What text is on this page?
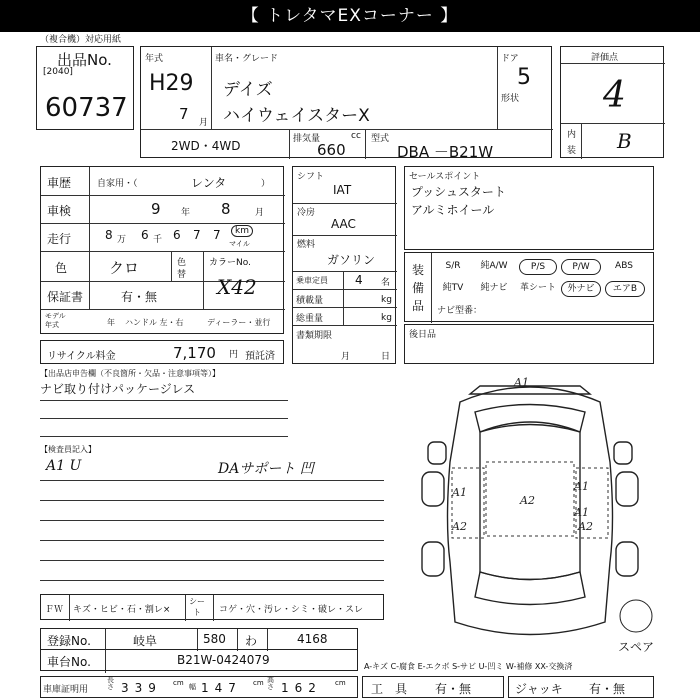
【 トレタマEXコーナー 】
（複合機）対応用紙
出品No.
[2040]
60737
年式
H29
7 月
車名・グレード
デイズ
ハイウェイスターX
ドア
5
形状
2WD・4WD	排気量	cc
660
型式
DBA －B21W
評価点
4
内
装 B
車歴	自家用・（	レンタ	）
車検	9 年 8	月
走行	8 万 6 千 6 7 7	km
マイル
色	クロ	色
替
カラーNo.
X42
保証書	有・無
モデル
年式	年 ハンドル 左・右	ディーラー・並行
リサイクル料金	7,170 円 預託済
シフト
IAT
冷房
AAC
燃料
ガソリン
乗車定員 4 名
積載量	kg
総重量	kg
書類期限
月	日
セールスポイント
プッシュスタート
アルミホイール
装
備
品
S/R	純A/W	P/S	P/W	ABS
純TV	純ナビ	革シート	外ナビ	エアB
ナビ型番：
後日品
【出品店申告欄（不良箇所・欠品・注意事項等）】
ナビ取り付けパッケージレス
【検査員記入】
A1 U	DAサポート 凹
ＦＷ キズ・ヒビ・石・割レ×
シー
ト コゲ・穴・汚レ・シミ・破レ・スレ
登録No.	岐阜	580 わ	4168
車台No.	B21W-0424079
車庫証明用
長さ 339 cm 幅 147 cm 高さ 162 cm 工　具 有・無	ジャッキ 有・無
A-キズ C-腐食 E-エクボ S-サビ U-凹ミ W-補修 XX-交換済
A1
A1
A2
A2
A1
A1
A2
スペア
